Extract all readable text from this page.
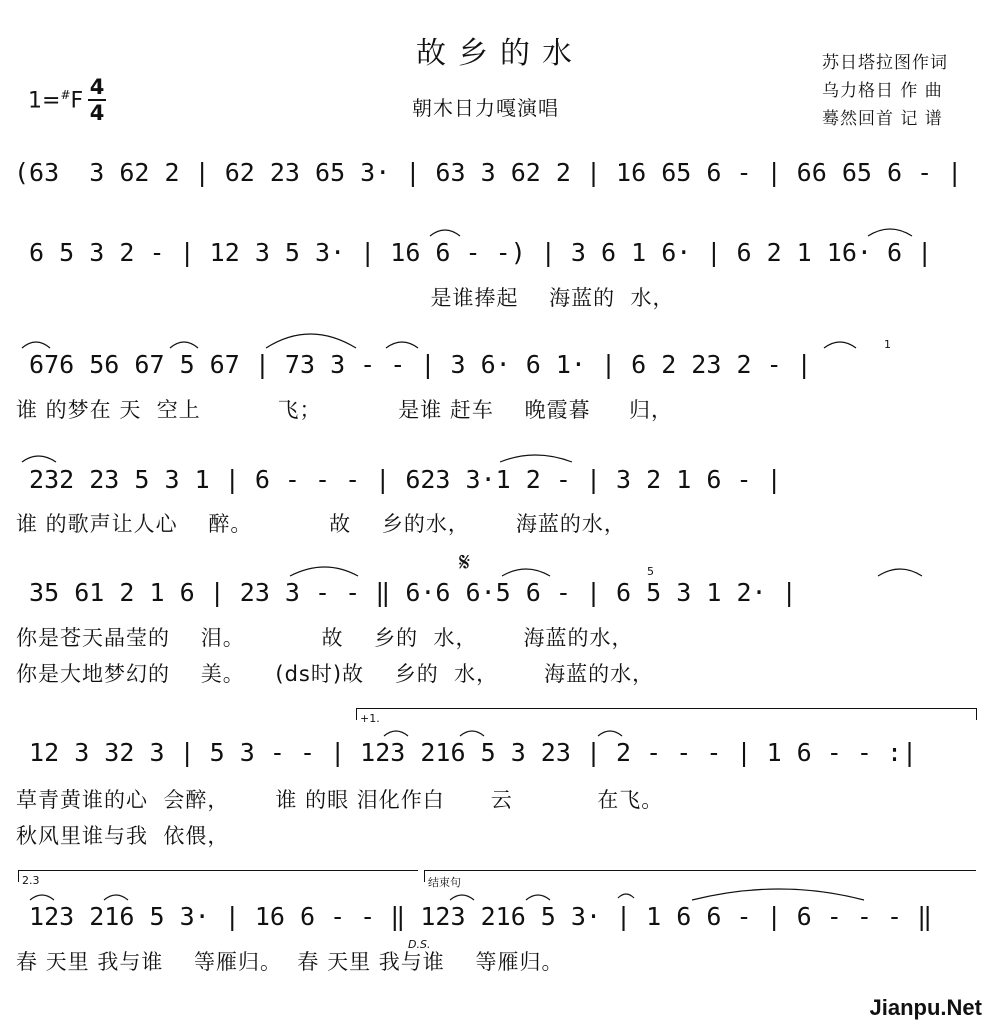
故乡的水
1=#F
4
4	朝木日力嘎演唱
苏日塔拉图作词
乌力格日 作 曲
蓦然回首 记 谱
(63  3 62 2 | 62 23 65 3· | 63 3 62 2 | 16 65 6 - | 66 65 6 - |
6 5 3 2 - | 12 3 5 3· | 16 6 - -) | 3 6 1 6· | 6 2 1 16· 6 |
是谁捧起    海蓝的  水，
676 56 67 5 67 | 73 3 - - | 3 6· 6 1· | 6 2 23 2 - |
谁 的梦在 天  空上          飞；          是谁 赶车    晚霞暮     归，
1
232 23 5 3 1 | 6 - - - | 623 3·1 2 - | 3 2 1 6 - |
谁 的歌声让人心    醉。          故    乡的水，      海蓝的水，
35 61 2 1 6 | 23 3 - - ‖ 6·6 6·5 6 - | 6 5 3 1 2· |
你是苍天晶莹的    泪。          故    乡的  水，      海蓝的水，
你是大地梦幻的    美。    (ds时)故    乡的  水，      海蓝的水，
𝄋	5
+1.
12 3 32 3 | 5 3 - - | 123 216 5 3 23 | 2 - - - | 1 6 - - :|
草青黄谁的心  会醉，      谁 的眼 泪化作白      云           在飞。
秋风里谁与我  依偎，
2.3	结束句
123 216 5 3· | 16 6 - - ‖ 123 216 5 3· | 1 6 6 - | 6 - - - ‖
D.S.
春 天里 我与谁    等雁归。  春 天里 我与谁    等雁归。
Jianpu.Net
